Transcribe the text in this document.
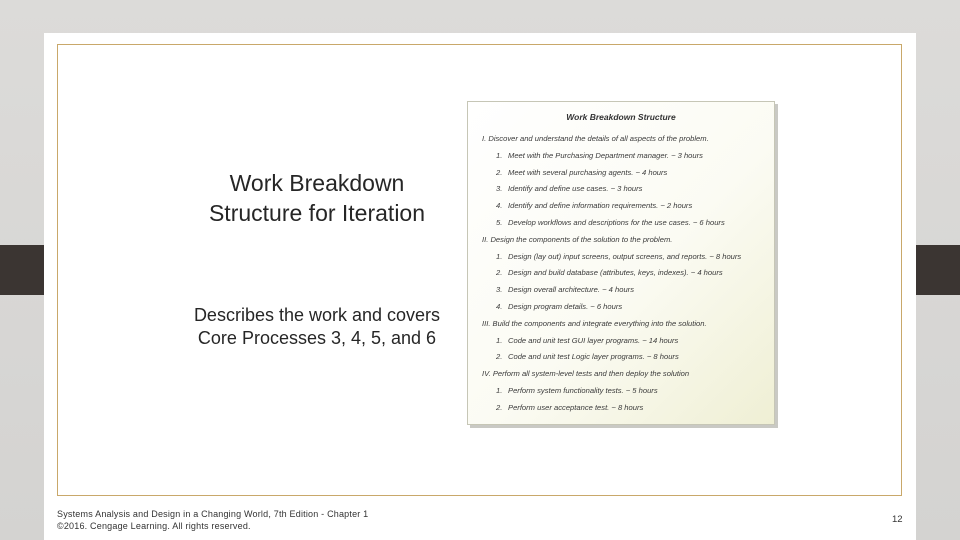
Work Breakdown Structure for Iteration
Describes the work and covers Core Processes 3, 4, 5, and 6
Work Breakdown Structure
I. Discover and understand the details of all aspects of the problem.
1. Meet with the Purchasing Department manager. ~ 3 hours
2. Meet with several purchasing agents. ~ 4 hours
3. Identify and define use cases. ~ 3 hours
4. Identify and define information requirements. ~ 2 hours
5. Develop workflows and descriptions for the use cases. ~ 6 hours
II. Design the components of the solution to the problem.
1. Design (lay out) input screens, output screens, and reports. ~ 8 hours
2. Design and build database (attributes, keys, indexes). ~ 4 hours
3. Design overall architecture. ~ 4 hours
4. Design program details. ~ 6 hours
III. Build the components and integrate everything into the solution.
1. Code and unit test GUI layer programs. ~ 14 hours
2. Code and unit test Logic layer programs. ~ 8 hours
IV. Perform all system-level tests and then deploy the solution
1. Perform system functionality tests. ~ 5 hours
2. Perform user acceptance test. ~ 8 hours
Systems Analysis and Design in a Changing World, 7th Edition - Chapter 1
©2016. Cengage Learning. All rights reserved.
12
